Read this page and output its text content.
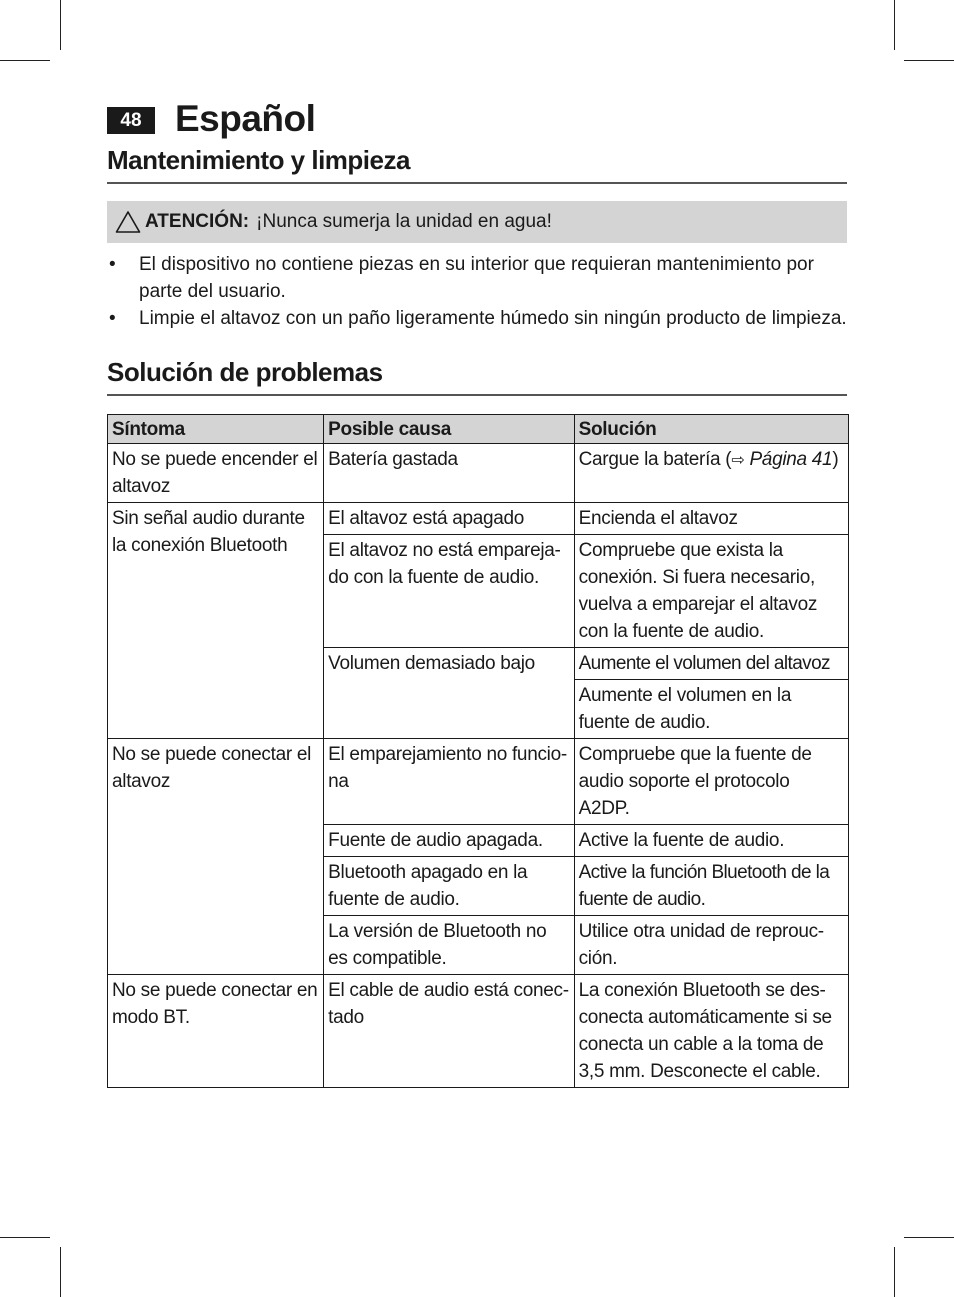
48 Español
Mantenimiento y limpieza
ATENCIÓN: ¡Nunca sumerja la unidad en agua!
• El dispositivo no contiene piezas en su interior que requieran mantenimiento por parte del usuario.
• Limpie el altavoz con un paño ligeramente húmedo sin ningún producto de limpieza.
Solución de problemas
Síntoma	Posible causa	Solución
No se puede encender el altavoz	Batería gastada	Cargue la batería (⇨ Página 41)
Sin señal audio durante la conexión Bluetooth	El altavoz está apagado	Encienda el altavoz
	El altavoz no está empareja-do con la fuente de audio.	Compruebe que exista la conexión. Si fuera necesario, vuelva a emparejar el altavoz con la fuente de audio.
	Volumen demasiado bajo	Aumente el volumen del altavoz
		Aumente el volumen en la fuente de audio.
No se puede conectar el altavoz	El emparejamiento no funcio-na	Compruebe que la fuente de audio soporte el protocolo A2DP.
	Fuente de audio apagada.	Active la fuente de audio.
	Bluetooth apagado en la fuente de audio.	Active la función Bluetooth de la fuente de audio.
	La versión de Bluetooth no es compatible.	Utilice otra unidad de reprouc-ción.
No se puede conectar en modo BT.	El cable de audio está conec-tado	La conexión Bluetooth se des-conecta automáticamente si se conecta un cable a la toma de 3,5 mm. Desconecte el cable.
